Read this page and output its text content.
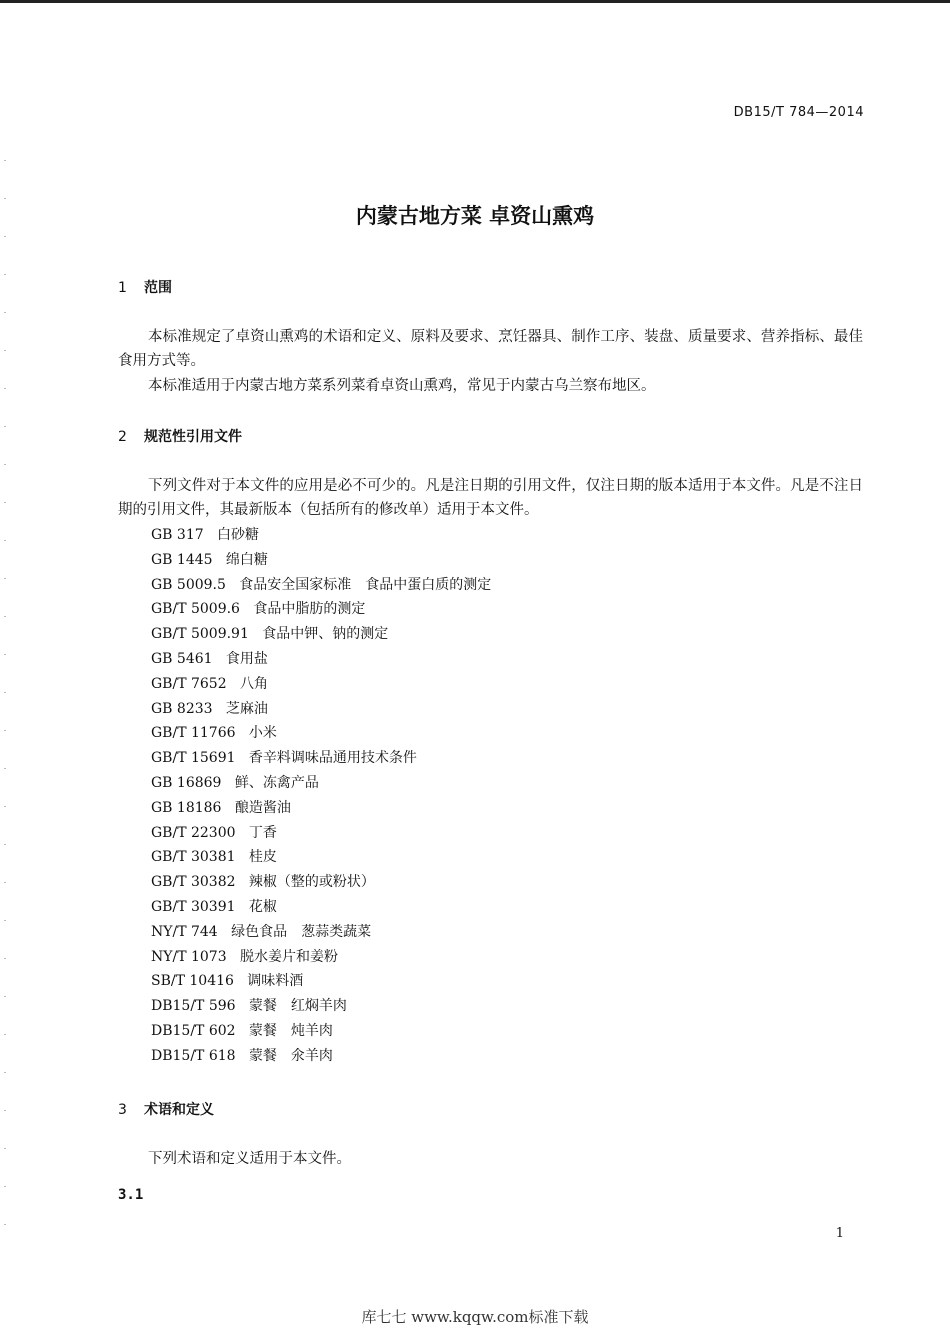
DB15/T 784—2014
内蒙古地方菜 卓资山熏鸡
1 范围
本标准规定了卓资山熏鸡的术语和定义、原料及要求、烹饪器具、制作工序、装盘、质量要求、营养指标、最佳食用方式等。
本标准适用于内蒙古地方菜系列菜肴卓资山熏鸡，常见于内蒙古乌兰察布地区。
2 规范性引用文件
下列文件对于本文件的应用是必不可少的。凡是注日期的引用文件，仅注日期的版本适用于本文件。凡是不注日期的引用文件，其最新版本（包括所有的修改单）适用于本文件。
GB 317 白砂糖
GB 1445 绵白糖
GB 5009.5 食品安全国家标准　食品中蛋白质的测定
GB/T 5009.6 食品中脂肪的测定
GB/T 5009.91 食品中钾、钠的测定
GB 5461 食用盐
GB/T 7652 八角
GB 8233 芝麻油
GB/T 11766 小米
GB/T 15691 香辛料调味品通用技术条件
GB 16869 鲜、冻禽产品
GB 18186 酿造酱油
GB/T 22300 丁香
GB/T 30381 桂皮
GB/T 30382 辣椒（整的或粉状）
GB/T 30391 花椒
NY/T 744 绿色食品　葱蒜类蔬菜
NY/T 1073 脱水姜片和姜粉
SB/T 10416 调味料酒
DB15/T 596 蒙餐　红焖羊肉
DB15/T 602 蒙餐　炖羊肉
DB15/T 618 蒙餐　氽羊肉
3 术语和定义
下列术语和定义适用于本文件。
3.1
1
库七七 www.kqqw.com标准下载
